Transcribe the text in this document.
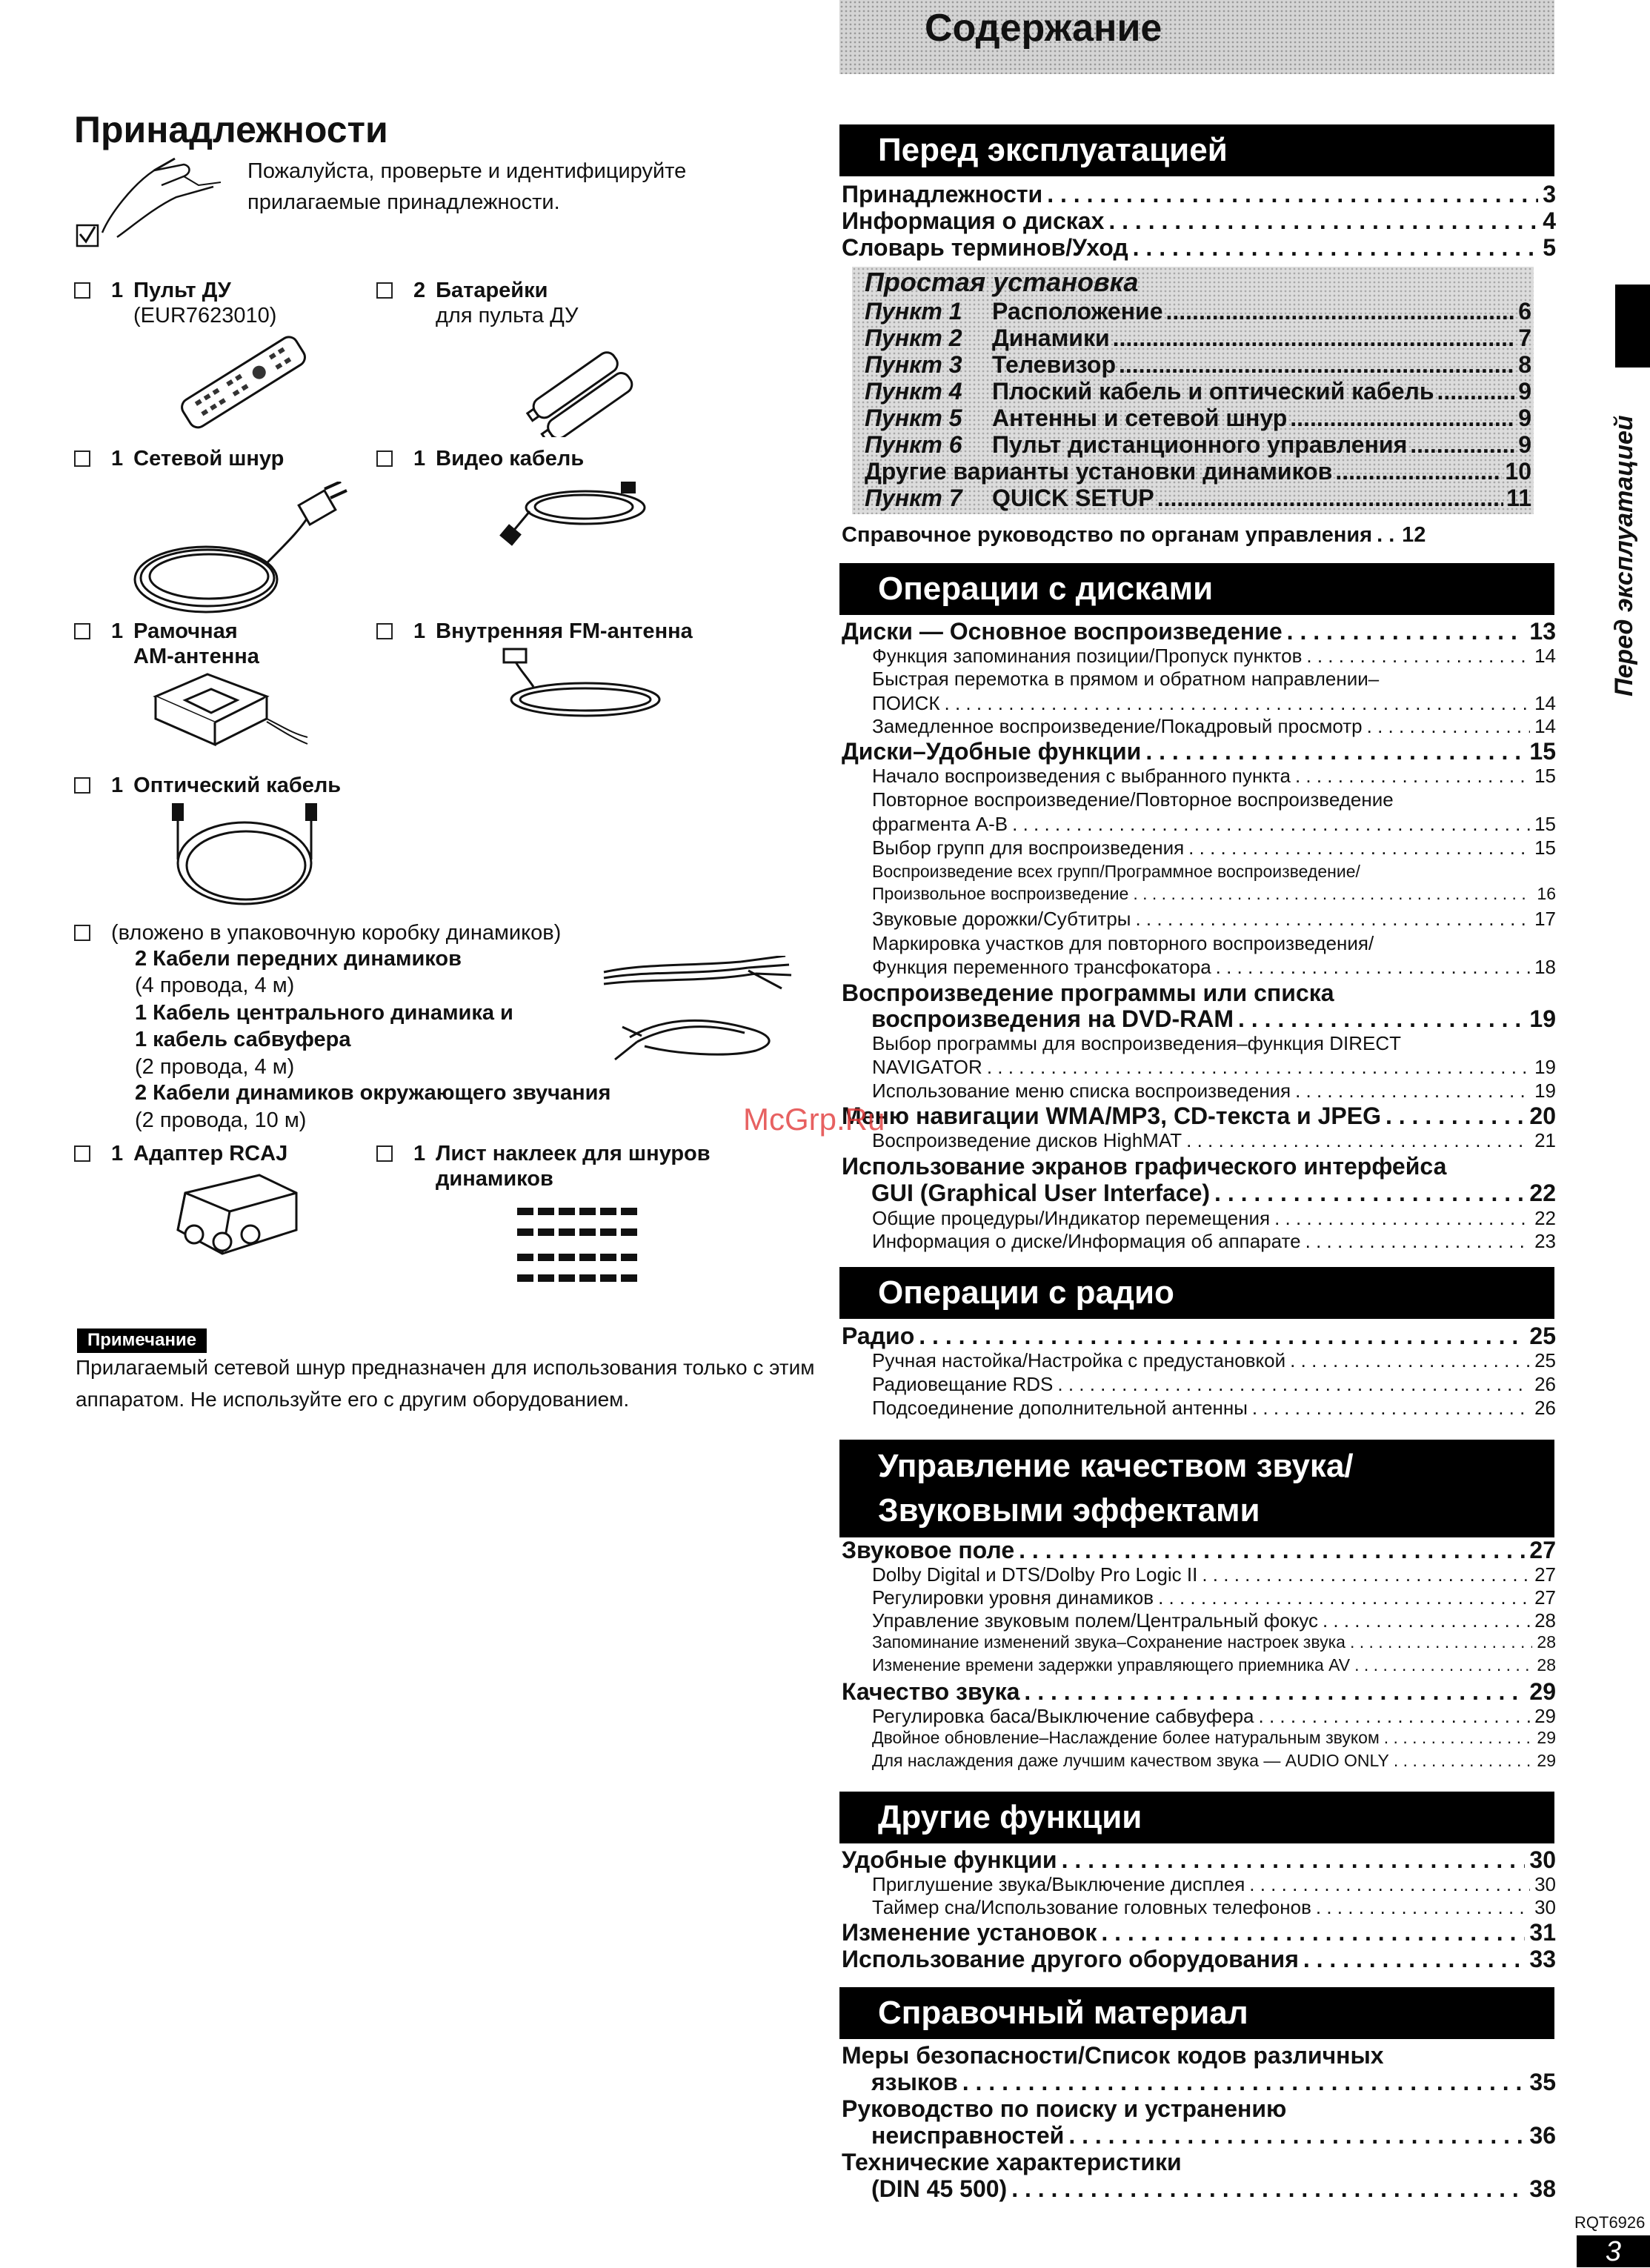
Содержание
Принадлежности
Пожалуйста, проверьте и идентифицируйте прилагаемые принадлежности.
1 Пульт ДУ
(EUR7623010)
2 Батарейки
для пульта ДУ
1 Сетевой шнур	1 Видео кабель
1 Рамочная
AM-антенна
1 Внутренняя FM-антенна
1 Оптический кабель
(вложено в упаковочную коробку динамиков)
2 Кабели передних динамиков
(4 провода, 4 м)
1 Кабель центрального динамика и
1 кабель сабвуфера
(2 провода, 4 м)
2 Кабели динамиков окружающего звучания
(2 провода, 10 м)
1 Адаптер RCAJ	1 Лист наклеек для шнуров
динамиков
Примечание
Прилагаемый сетевой шнур предназначен для использования только с этим аппаратом. Не используйте его с другим оборудованием.
Перед эксплуатацией
Принадлежности . . .	3
Информация о дисках . . .	4
Словарь терминов/Уход . . .	5
Простая установка
Пункт 1	Расположение .....	6
Пункт 2	Динамики .....	7
Пункт 3	Телевизор .....	8
Пункт 4	Плоский кабель и оптический кабель .....	9
Пункт 5	Антенны и сетевой шнур .....	9
Пункт 6	Пульт дистанционного управления .....	9
Другие варианты установки динамиков .....	10
Пункт 7	QUICK SETUP .....	11
Справочное руководство по органам управления . . . 12
Операции с дисками
Диски — Основное воспроизведение . . .	13
Функция запоминания позиции/Пропуск пунктов . . .	14
Быстрая перемотка в прямом и обратном направлении–
ПОИСК . . .	14
Замедленное воспроизведение/Покадровый просмотр . . .	14
Диски–Удобные функции . . .	15
Начало воспроизведения с выбранного пункта . . .	15
Повторное воспроизведение/Повторное воспроизведение
фрагмента A-B . . .	15
Выбор групп для воспроизведения . . .	15
Воспроизведение всех групп/Программное воспроизведение/
Произвольное воспроизведение . . .	16
Звуковые дорожки/Субтитры . . .	17
Маркировка участков для повторного воспроизведения/
Функция переменного трансфокатора . . .	18
Воспроизведение программы или списка
воспроизведения на DVD-RAM . . .	19
Выбор программы для воспроизведения–функция DIRECT
NAVIGATOR . . .	19
Использование меню списка воспроизведения . . .	19
Меню навигации WMA/MP3, CD-текста и JPEG . . .	20
Воспроизведение дисков HighMAT . . .	21
Использование экранов графического интерфейса
GUI (Graphical User Interface) . . .	22
Общие процедуры/Индикатор перемещения . . .	22
Информация о диске/Информация об аппарате . . .	23
Операции с радио
Радио . . .	25
Ручная настойка/Настройка с предустановкой . . .	25
Радиовещание RDS . . .	26
Подсоединение дополнительной антенны . . .	26
Управление качеством звука/
Звуковыми эффектами
Звуковое поле . . .	27
Dolby Digital и DTS/Dolby Pro Logic II . . .	27
Регулировки уровня динамиков . . .	27
Управление звуковым полем/Центральный фокус . . .	28
Запоминание изменений звука–Сохранение настроек звука . . .	28
Изменение времени задержки управляющего приемника AV . . .	28
Качество звука . . .	29
Регулировка баса/Выключение сабвуфера . . .	29
Двойное обновление–Наслаждение более натуральным звуком . . .	29
Для наслаждения даже лучшим качеством звука — AUDIO ONLY . . .	29
Другие функции
Удобные функции . . .	30
Приглушение звука/Выключение дисплея . . .	30
Таймер сна/Использование головных телефонов . . .	30
Изменение установок . . .	31
Использование другого оборудования . . .	33
Справочный материал
Меры безопасности/Список кодов различных
языков . . .	35
Руководство по поиску и устранению
неисправностей . . .	36
Технические характеристики
(DIN 45 500) . . .	38
Перед эксплуатацией
McGrp.Ru
RQT6926
3
